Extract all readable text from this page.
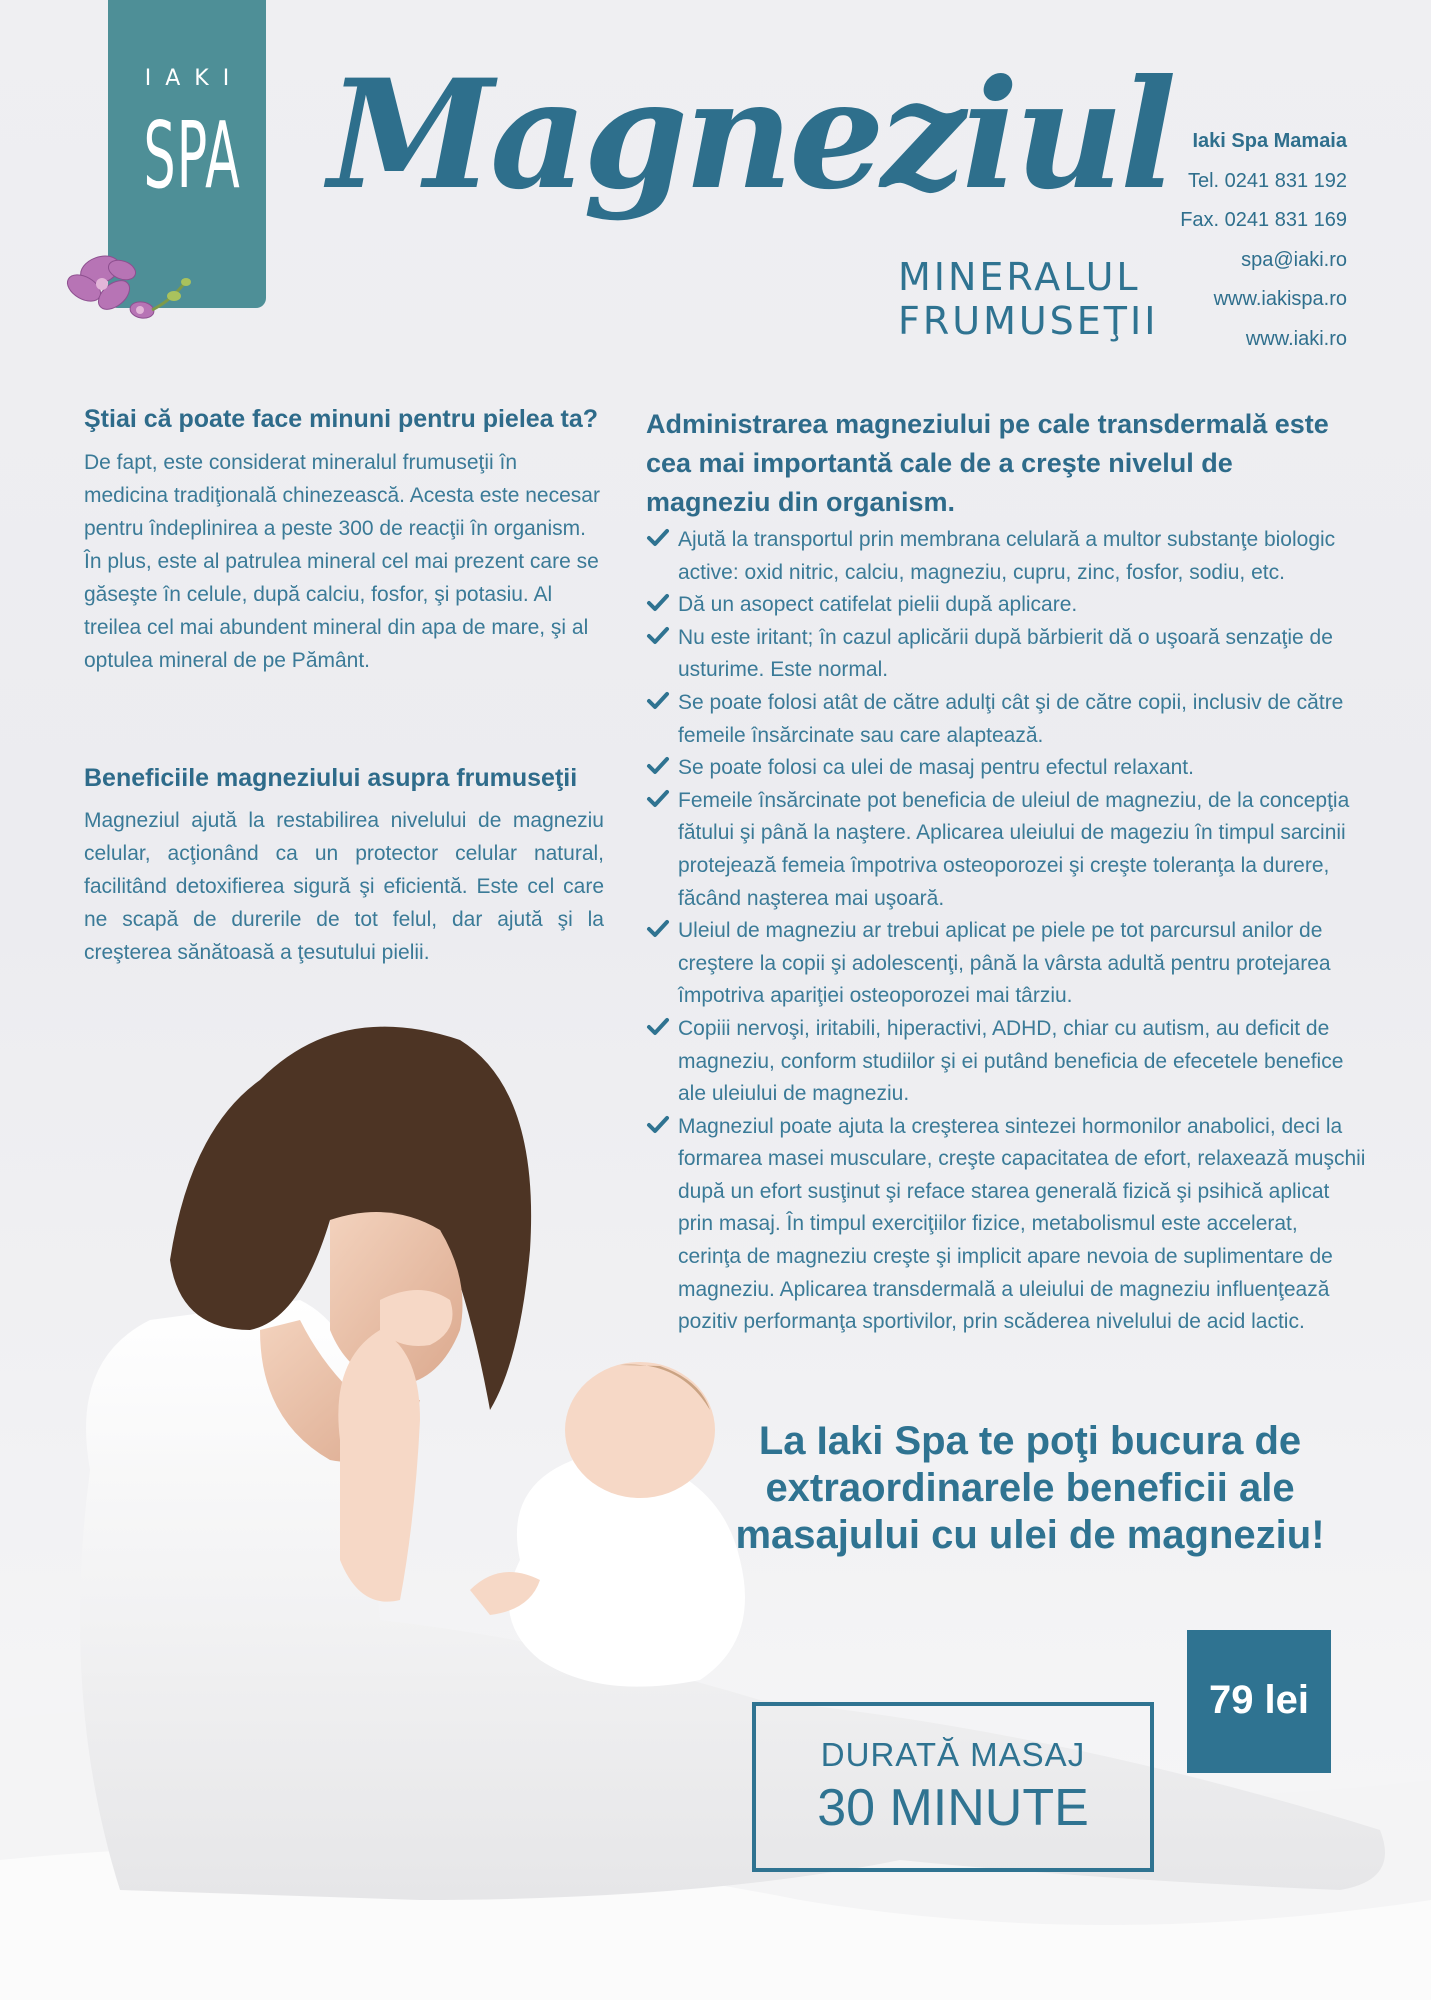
IAKI
SPA Magneziul
MINERALUL
FRUMUSEŢII
Iaki Spa Mamaia
Tel. 0241 831 192
Fax. 0241 831 169
spa@iaki.ro
www.iakispa.ro
www.iaki.ro
Ştiai că poate face minuni pentru pielea ta?
De fapt, este considerat mineralul frumuseţii în medicina tradiţională chinezească. Acesta este necesar pentru îndeplinirea a peste 300 de reacţii în organism. În plus, este al patrulea mineral cel mai prezent care se găseşte în celule, după calciu, fosfor, şi potasiu. Al treilea cel mai abundent mineral din apa de mare, şi al optulea mineral de pe Pământ.
Beneficiile magneziului asupra frumuseţii
Magneziul ajută la restabilirea nivelului de magneziu celular, acţionând ca un protector celular natural, facilitând detoxifierea sigură şi eficientă. Este cel care ne scapă de durerile de tot felul, dar ajută şi la creşterea sănătoasă a ţesutului pielii.
Administrarea magneziului pe cale transdermală este cea mai importantă cale de a creşte nivelul de magneziu din organism.
Ajută la transportul prin membrana celulară a multor substanţe biologic active: oxid nitric, calciu, magneziu, cupru, zinc, fosfor, sodiu, etc.
Dă un asopect catifelat pielii după aplicare.
Nu este iritant; în cazul aplicării după bărbierit dă o uşoară senzaţie de usturime. Este normal.
Se poate folosi atât de către adulţi cât şi de către copii, inclusiv de către femeile însărcinate sau care alaptează.
Se poate folosi ca ulei de masaj pentru efectul relaxant.
Femeile însărcinate pot beneficia de uleiul de magneziu, de la concepţia fătului şi până la naştere. Aplicarea uleiului de mageziu în timpul sarcinii protejează femeia împotriva osteoporozei şi creşte toleranţa la durere, făcând naşterea mai uşoară.
Uleiul de magneziu ar trebui aplicat pe piele pe tot parcursul anilor de creştere la copii şi adolescenţi, până la vârsta adultă pentru protejarea împotriva apariţiei osteoporozei mai târziu.
Copiii nervoşi, iritabili, hiperactivi, ADHD, chiar cu autism, au deficit de magneziu, conform studiilor şi ei putând beneficia de efecetele benefice ale uleiului de magneziu.
Magneziul poate ajuta la creşterea sintezei hormonilor anabolici, deci la formarea masei musculare, creşte capacitatea de efort, relaxează muşchii după un efort susţinut şi reface starea generală fizică şi psihică aplicat prin masaj. În timpul exerciţiilor fizice, metabolismul este accelerat, cerinţa de magneziu creşte şi implicit apare nevoia de suplimentare de magneziu. Aplicarea transdermală a uleiului de magneziu influenţează pozitiv performanţa sportivilor, prin scăderea nivelului de acid lactic.
La Iaki Spa te poţi bucura de
extraordinarele beneficii ale
masajului cu ulei de magneziu!
DURATĂ MASAJ
30 MINUTE
79 lei
